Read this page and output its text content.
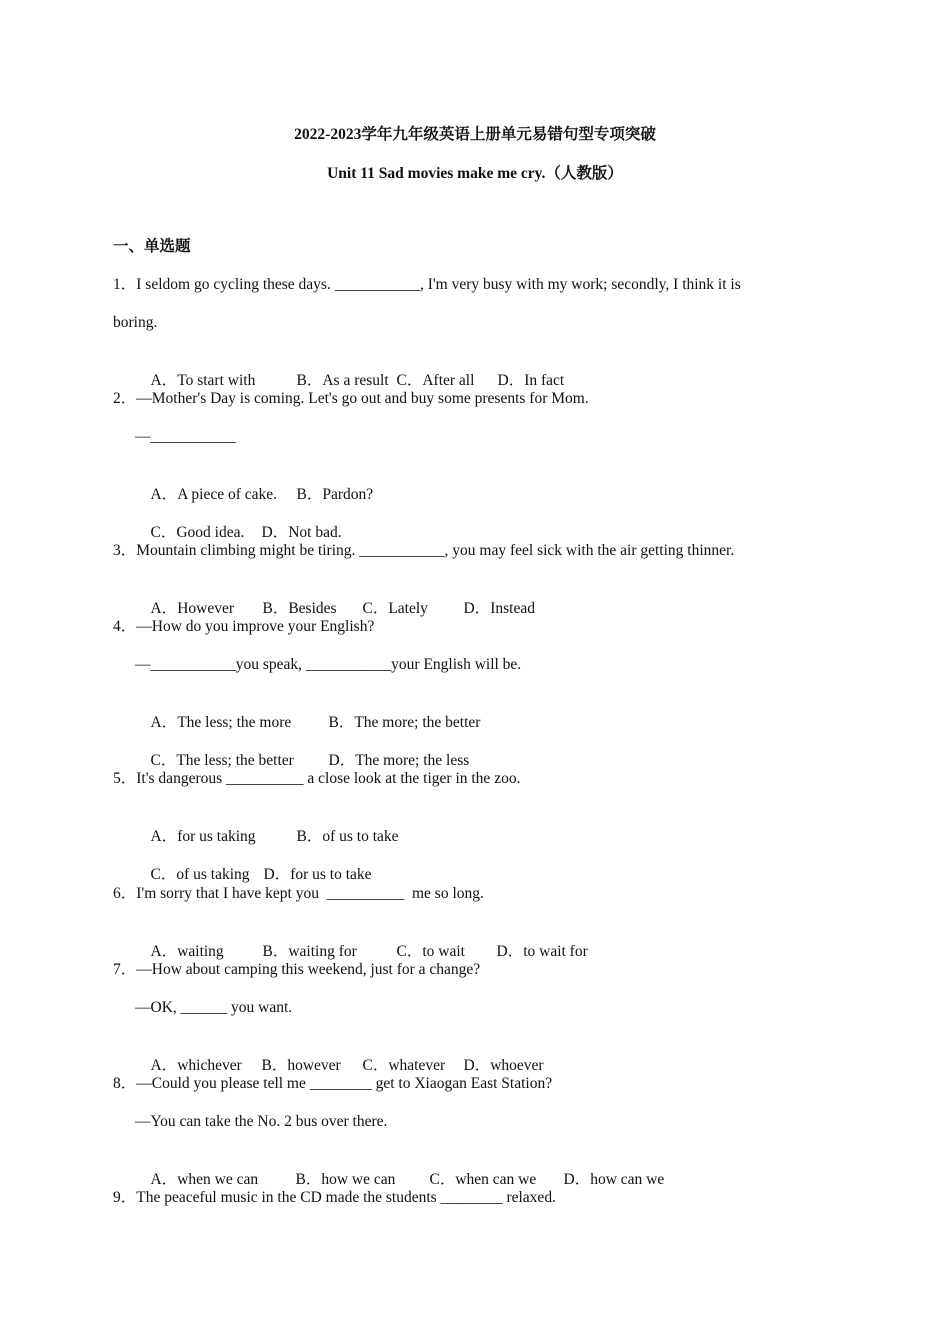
2022-2023学年九年级英语上册单元易错句型专项突破
Unit 11 Sad movies make me cry.（人教版）
一、单选题
1．I seldom go cycling these days. ___________, I'm very busy with my work; secondly, I think it is
boring.

A．To start with	B．As a result C．After all D．In fact

2．—Mother's Day is coming. Let's go out and buy some presents for Mom.
—___________

A．A piece of cake. B．Pardon?

C．Good idea. D．Not bad.

3．Mountain climbing might be tiring. ___________, you may feel sick with the air getting thinner.

A．However B．Besides C．Lately D．Instead

4．—How do you improve your English?
—___________you speak, ___________your English will be.

A．The less; the more B．The more; the better

C．The less; the better D．The more; the less

5．It's dangerous __________ a close look at the tiger in the zoo.

A．for us taking	B．of us to take

C．of us taking D．for us to take

6．I'm sorry that I have kept you  __________  me so long.

A．waiting	B．waiting for	C．to wait D．to wait for

7．—How about camping this weekend, just for a change?
—OK, ______ you want.

A．whichever B．however C．whatever D．whoever

8．—Could you please tell me ________ get to Xiaogan East Station?
—You can take the No. 2 bus over there.

A．when we can B．how we can C．when can we D．how can we

9．The peaceful music in the CD made the students ________ relaxed.
